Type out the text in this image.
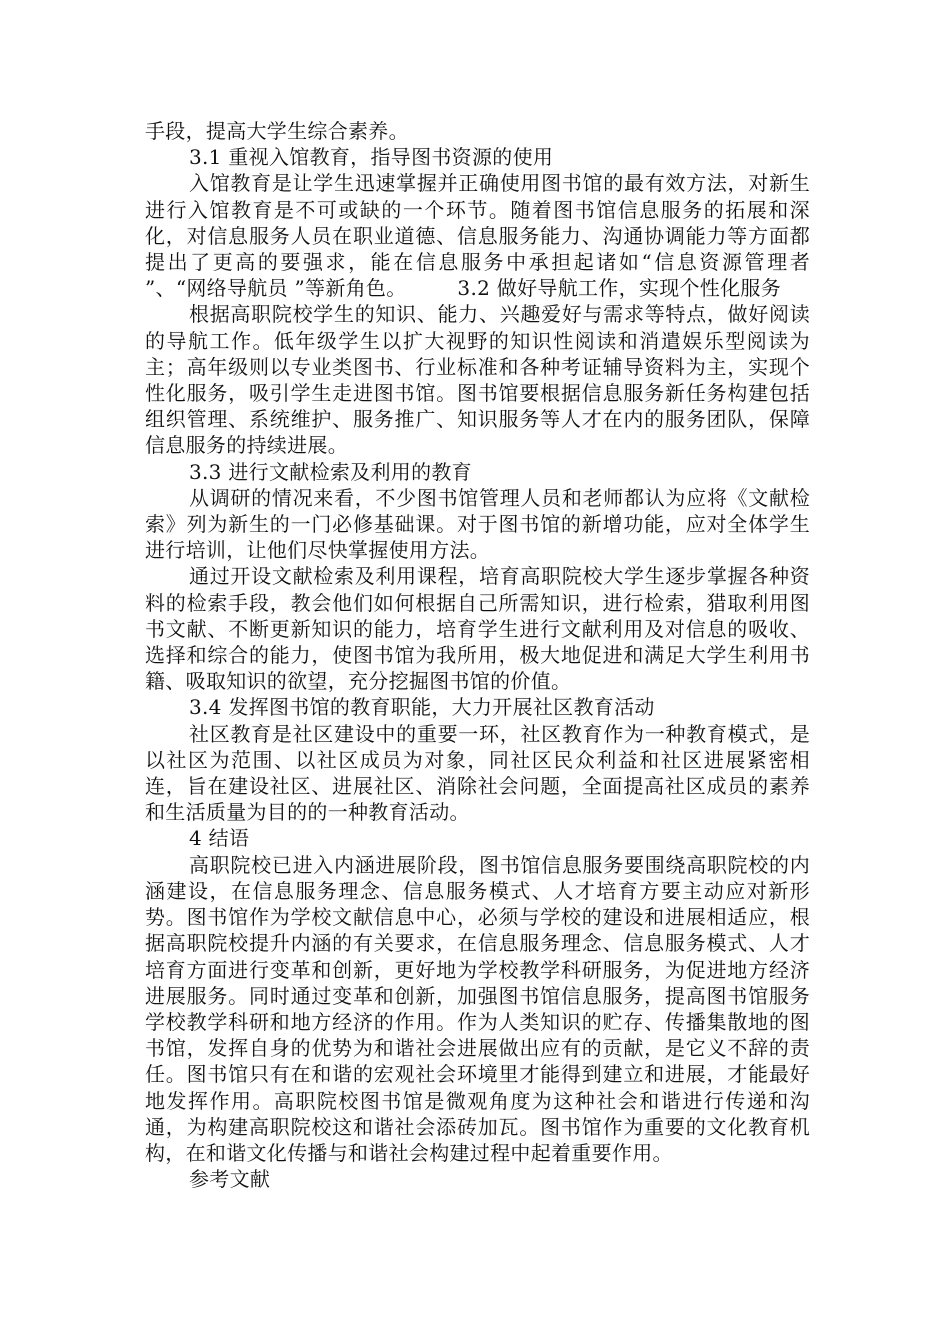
手段，提高大学生综合素养。

3.1 重视入馆教育，指导图书资源的使用

入馆教育是让学生迅速掌握并正确使用图书馆的最有效方法，对新生进行入馆教育是不可或缺的一个环节。随着图书馆信息服务的拓展和深化，对信息服务人员在职业道德、信息服务能力、沟通协调能力等方面都提出了更高的要强求，能在信息服务中承担起诸如“信息资源管理者 ”、“网络导航员 ”等新角色。　　　3.2 做好导航工作，实现个性化服务

根据高职院校学生的知识、能力、兴趣爱好与需求等特点，做好阅读的导航工作。低年级学生以扩大视野的知识性阅读和消遣娱乐型阅读为主；高年级则以专业类图书、行业标准和各种考证辅导资料为主，实现个性化服务，吸引学生走进图书馆。图书馆要根据信息服务新任务构建包括组织管理、系统维护、服务推广、知识服务等人才在内的服务团队，保障信息服务的持续进展。

3.3 进行文献检索及利用的教育

从调研的情况来看，不少图书馆管理人员和老师都认为应将《文献检索》列为新生的一门必修基础课。对于图书馆的新增功能，应对全体学生进行培训，让他们尽快掌握使用方法。

通过开设文献检索及利用课程，培育高职院校大学生逐步掌握各种资料的检索手段，教会他们如何根据自己所需知识，进行检索，猎取利用图书文献、不断更新知识的能力，培育学生进行文献利用及对信息的吸收、选择和综合的能力，使图书馆为我所用，极大地促进和满足大学生利用书籍、吸取知识的欲望，充分挖掘图书馆的价值。

3.4 发挥图书馆的教育职能，大力开展社区教育活动

社区教育是社区建设中的重要一环，社区教育作为一种教育模式，是以社区为范围、以社区成员为对象，同社区民众利益和社区进展紧密相连，旨在建设社区、进展社区、消除社会问题，全面提高社区成员的素养和生活质量为目的的一种教育活动。

4 结语

高职院校已进入内涵进展阶段，图书馆信息服务要围绕高职院校的内涵建设，在信息服务理念、信息服务模式、人才培育方要主动应对新形势。图书馆作为学校文献信息中心，必须与学校的建设和进展相适应，根据高职院校提升内涵的有关要求，在信息服务理念、信息服务模式、人才培育方面进行变革和创新，更好地为学校教学科研服务，为促进地方经济进展服务。同时通过变革和创新，加强图书馆信息服务，提高图书馆服务学校教学科研和地方经济的作用。作为人类知识的贮存、传播集散地的图书馆，发挥自身的优势为和谐社会进展做出应有的贡献，是它义不辞的责任。图书馆只有在和谐的宏观社会环境里才能得到建立和进展，才能最好地发挥作用。高职院校图书馆是微观角度为这种社会和谐进行传递和沟通，为构建高职院校这和谐社会添砖加瓦。图书馆作为重要的文化教育机构，在和谐文化传播与和谐社会构建过程中起着重要作用。

参考文献
